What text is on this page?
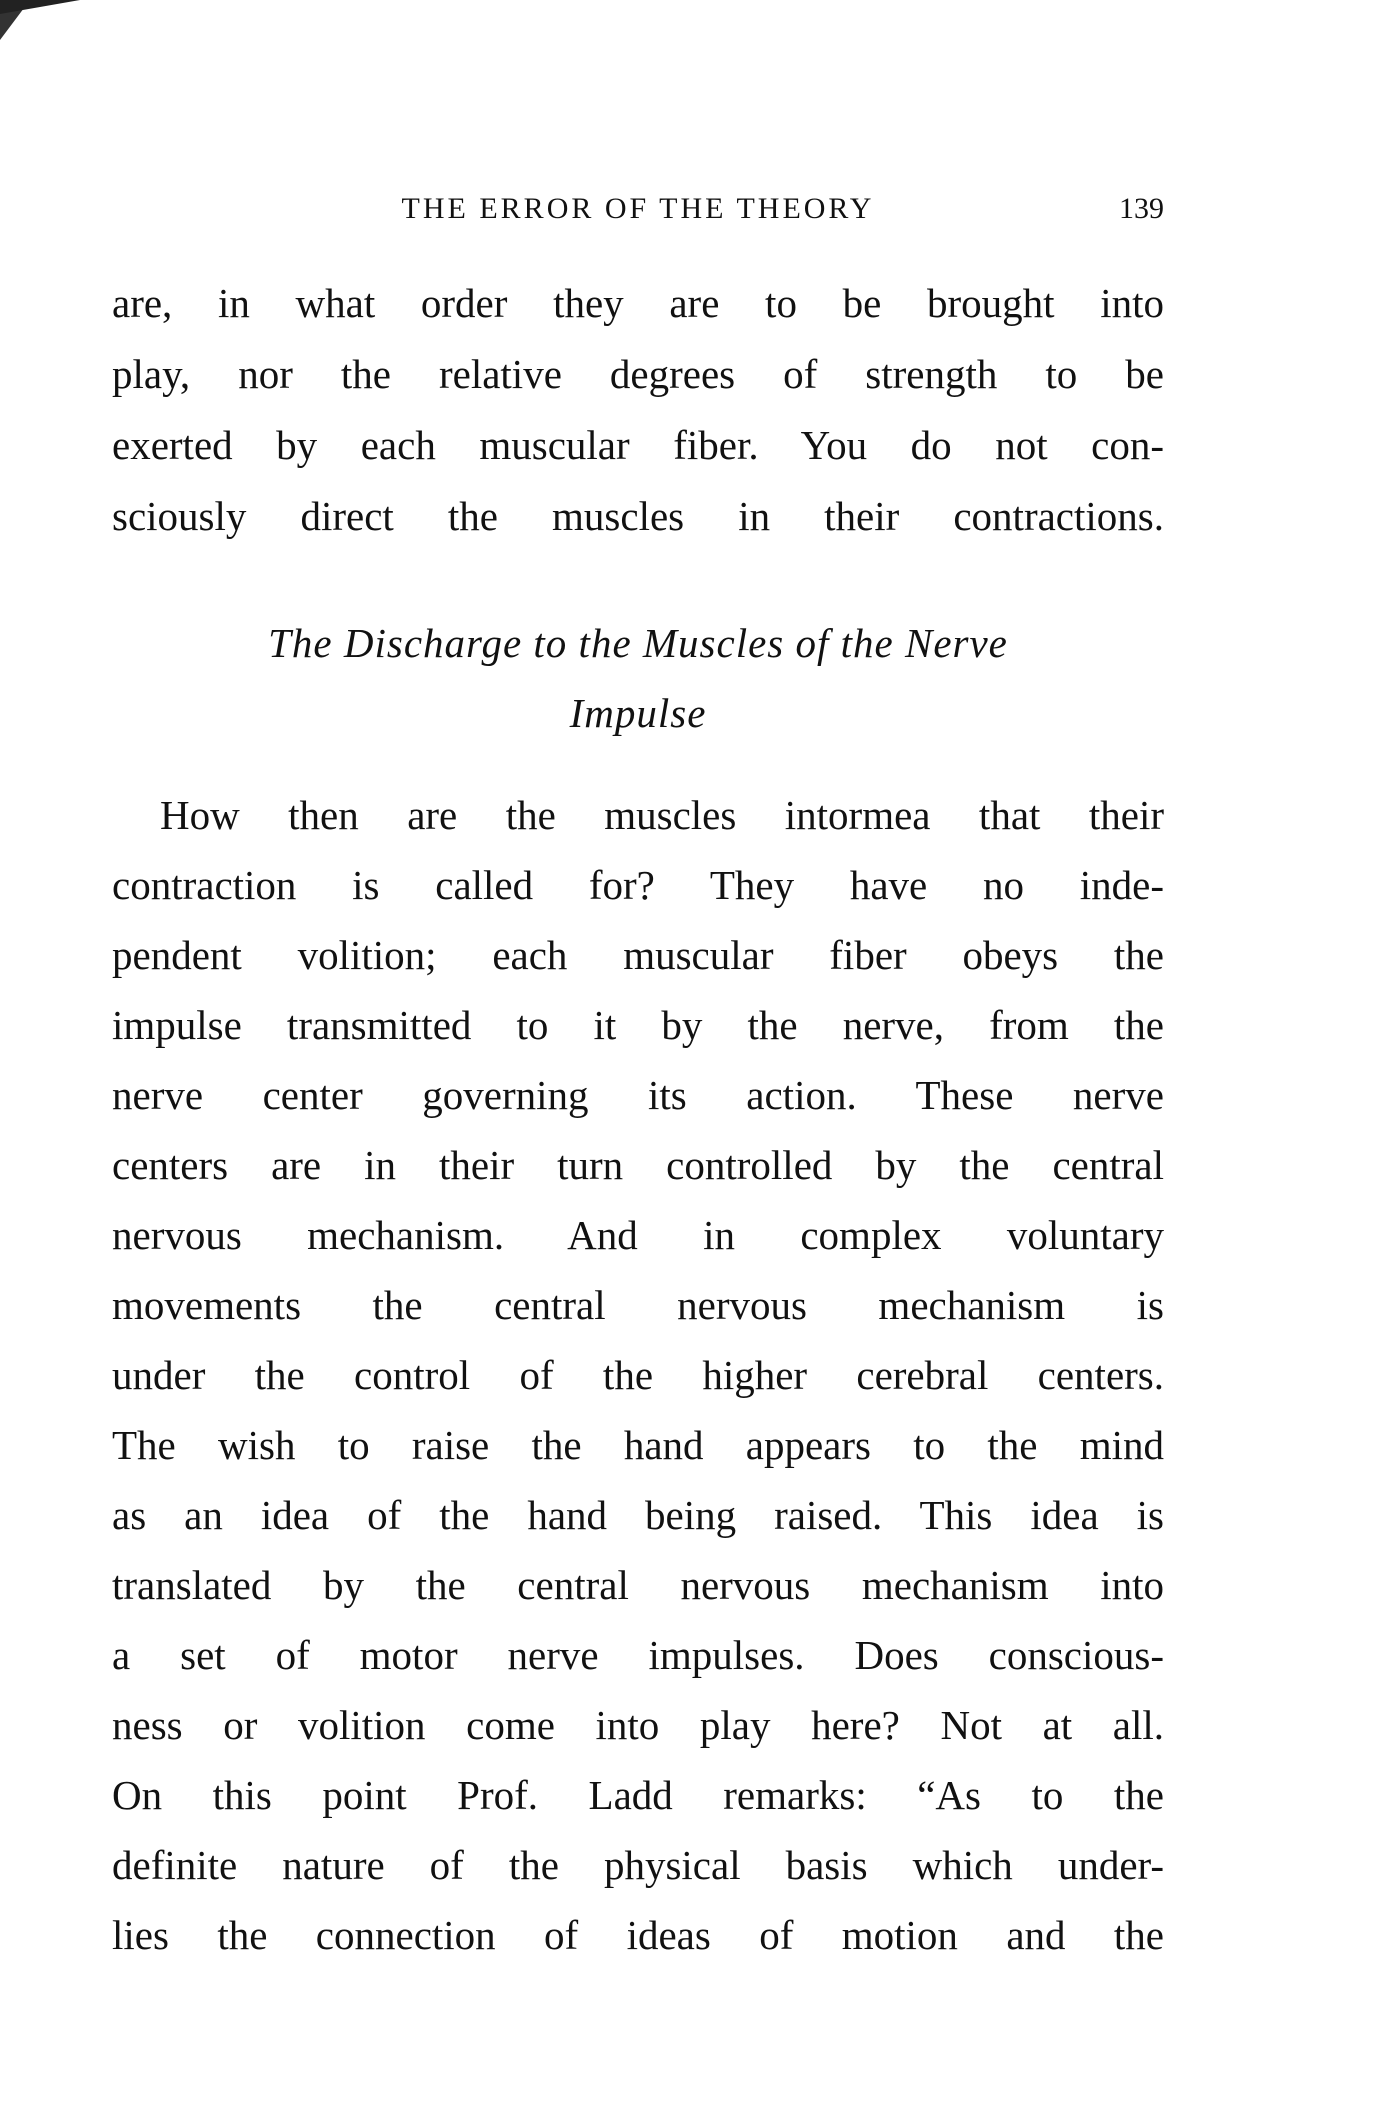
THE ERROR OF THE THEORY	139
The Discharge to the Muscles of the Nerve
Impulse
are, in what order they are to be brought into
play, nor the relative degrees of strength to be
exerted by each muscular fiber. You do not con-
sciously direct the muscles in their contractions.
How then are the muscles intormea that their
contraction is called for? They have no inde-
pendent volition; each muscular fiber obeys the
impulse transmitted to it by the nerve, from the
nerve center governing its action. These nerve
centers are in their turn controlled by the central
nervous mechanism. And in complex voluntary
movements the central nervous mechanism is
under the control of the higher cerebral centers.
The wish to raise the hand appears to the mind
as an idea of the hand being raised. This idea is
translated by the central nervous mechanism into
a set of motor nerve impulses. Does conscious-
ness or volition come into play here? Not at all.
On this point Prof. Ladd remarks: “As to the
definite nature of the physical basis which under-
lies the connection of ideas of motion and the
